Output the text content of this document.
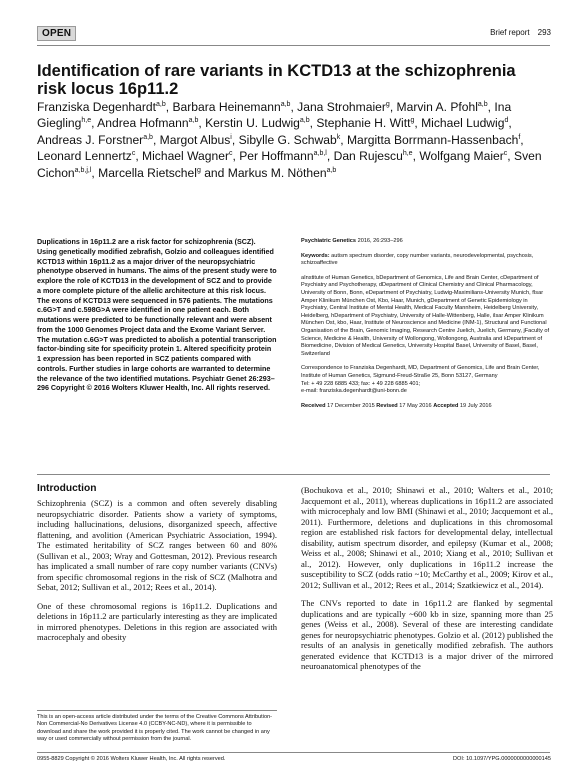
OPEN	Brief report 293
Identification of rare variants in KCTD13 at the schizophrenia risk locus 16p11.2

Franziska Degenhardt$^{a,b}$, Barbara Heinemann$^{a,b}$, Jana Strohmaier$^g$, Marvin A. Pfohl$^{a,b}$, Ina Giegling$^{h,e}$, Andrea Hofmann$^{a,b}$, Kerstin U. Ludwig$^{a,b}$, Stephanie H. Witt$^g$, Michael Ludwig$^d$, Andreas J. Forstner$^{a,b}$, Margot Albus$^i$, Sibylle G. Schwab$^k$, Margitta Borrmann-Hassenbach$^f$, Leonard Lennertz$^c$, Michael Wagner$^c$, Per Hoffmann$^{a,b,l}$, Dan Rujescu$^{h,e}$, Wolfgang Maier$^c$, Sven Cichon$^{a,b,j,l}$, Marcella Rietschel$^g$ and Markus M. Nöthen$^{a,b}$

Duplications in 16p11.2 are a risk factor for schizophrenia (SCZ). Using genetically modified zebrafish, Golzio and colleagues identified KCTD13 within 16p11.2 as a major driver of the neuropsychiatric phenotype observed in humans. The aims of the present study were to explore the role of KCTD13 in the development of SCZ and to provide a more complete picture of the allelic architecture at this risk locus. The exons of KCTD13 were sequenced in 576 patients. The mutations c.6G>T and c.598G>A were identified in one patient each. Both mutations were predicted to be functionally relevant and were absent from the 1000 Genomes Project data and the Exome Variant Server. The mutation c.6G>T was predicted to abolish a potential transcription factor-binding site for specificity protein 1. Altered specificity protein 1 expression has been reported in SCZ patients compared with controls. Further studies in large cohorts are warranted to determine the relevance of the two identified mutations. Psychiatr Genet 26:293–296 Copyright © 2016 Wolters Kluwer Health, Inc. All rights reserved.

Psychiatric Genetics 2016, 26:293–296

Keywords: autism spectrum disorder, copy number variants, neurodevelopmental, psychosis, schizoaffective

aInstitute of Human Genetics, bDepartment of Genomics, Life and Brain Center, cDepartment of Psychiatry and Psychotherapy, dDepartment of Clinical Chemistry and Clinical Pharmacology, University of Bonn, Bonn, eDepartment of Psychiatry, Ludwig-Maximilians-University Munich, fIsar Amper Klinikum München Ost, Kbo, Haar, Munich, gDepartment of Genetic Epidemiology in Psychiatry, Central Institute of Mental Health, Medical Faculty Mannheim, Heidelberg University, Heidelberg, hDepartment of Psychiatry, University of Halle-Wittenberg, Halle, iIsar Amper Klinikum München Ost, kbo, Haar, Institute of Neuroscience and Medicine (INM-1), Structural and Functional Organisation of the Brain, Genomic Imaging, Research Centre Juelich, Juelich, Germany, jFaculty of Science, Medicine & Health, University of Wollongong, Wollongong, Australia and kDepartment of Biomedicine, Division of Medical Genetics, University Hospital Basel, University of Basel, Basel, Switzerland

Correspondence to Franziska Degenhardt, MD, Department of Genomics, Life and Brain Center, Institute of Human Genetics, Sigmund-Freud-Straße 25, Bonn 53127, Germany
Tel: + 49 228 6885 433; fax: + 49 228 6885 401;
e-mail: franziska.degenhardt@uni-bonn.de

Received 17 December 2015 Revised 17 May 2016 Accepted 19 July 2016

Introduction

Schizophrenia (SCZ) is a common and often severely disabling neuropsychiatric disorder. Patients show a variety of symptoms, including hallucinations, delusions, disorganized speech, affective flattening, and avolition (American Psychiatric Association, 1994). The estimated heritability of SCZ ranges between 60 and 80% (Sullivan et al., 2003; Wray and Gottesman, 2012). Previous research has implicated a small number of rare copy number variants (CNVs) from specific chromosomal regions in the risk of SCZ (Malhotra and Sebat, 2012; Sullivan et al., 2012; Rees et al., 2014).

One of these chromosomal regions is 16p11.2. Duplications and deletions in 16p11.2 are particularly interesting as they are implicated in mirrored phenotypes. Deletions in this region are associated with macrocephaly and obesity

(Bochukova et al., 2010; Shinawi et al., 2010; Walters et al., 2010; Jacquemont et al., 2011), whereas duplications in 16p11.2 are associated with microcephaly and low BMI (Shinawi et al., 2010; Jacquemont et al., 2011). Furthermore, deletions and duplications in this chromosomal region are established risk factors for developmental delay, intellectual disability, autism spectrum disorder, and epilepsy (Kumar et al., 2008; Weiss et al., 2008; Shinawi et al., 2010; Xiang et al., 2010; Sullivan et al., 2012). However, only duplications in 16p11.2 increase the susceptibility to SCZ (odds ratio ~10; McCarthy et al., 2009; Kirov et al., 2012; Sullivan et al., 2012; Rees et al., 2014; Szatkiewicz et al., 2014).

The CNVs reported to date in 16p11.2 are flanked by segmental duplications and are typically ~600 kb in size, spanning more than 25 genes (Weiss et al., 2008). Several of these are interesting candidate genes for neuropsychiatric phenotypes. Golzio et al. (2012) published the results of an analysis in genetically modified zebrafish. The authors generated evidence that KCTD13 is a major driver of the mirrored neuroanatomical phenotypes of the

This is an open-access article distributed under the terms of the Creative Commons Attribution-Non Commercial-No Derivatives License 4.0 (CCBY-NC-ND), where it is permissible to download and share the work provided it is properly cited. The work cannot be changed in any way or used commercially without permission from the journal.
0955-8829 Copyright © 2016 Wolters Kluwer Health, Inc. All rights reserved.	DOI: 10.1097/YPG.0000000000000145
